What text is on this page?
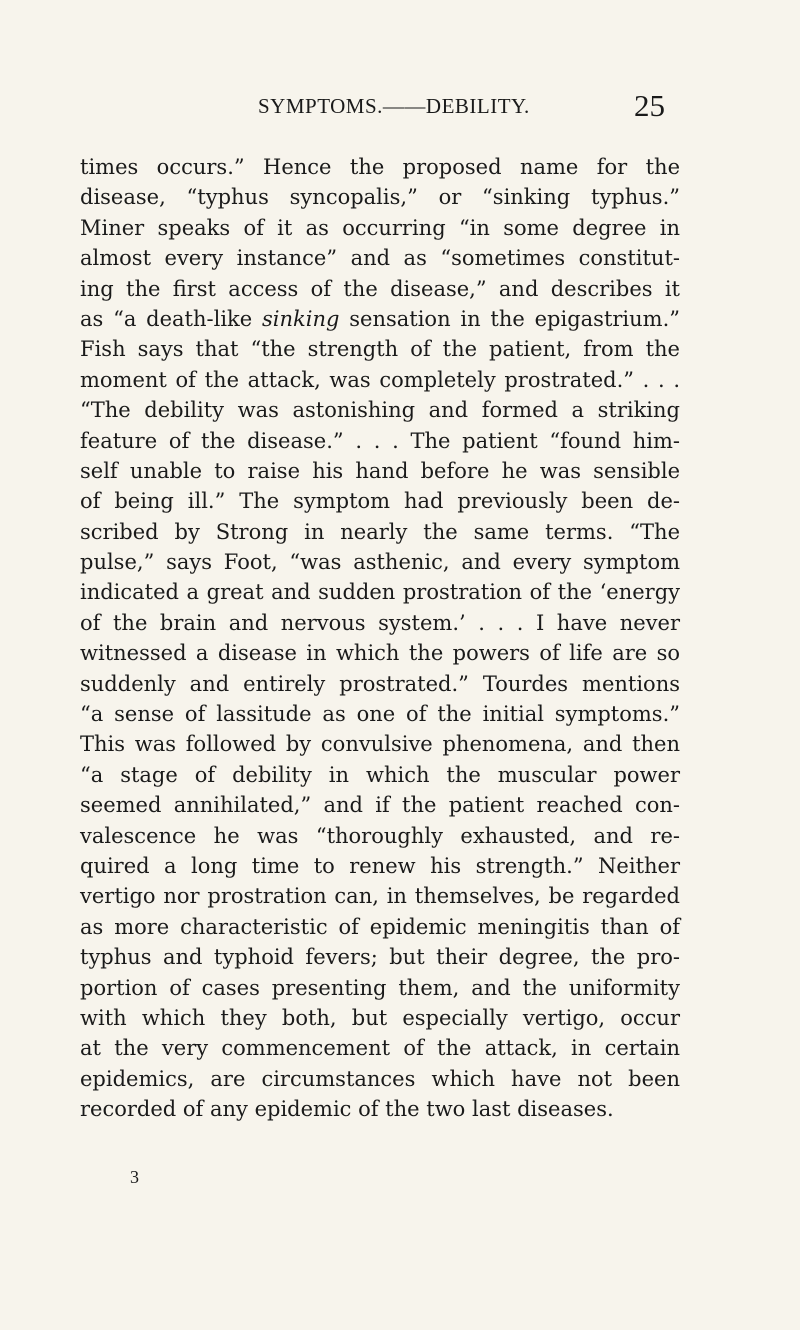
SYMPTOMS.——DEBILITY.	25
times occurs.” Hence the proposed name for the
disease, “typhus syncopalis,” or “sinking typhus.”
Miner speaks of it as occurring “in some degree in
almost every instance” and as “sometimes constitut-
ing the first access of the disease,” and describes it
as “a death-like sinking sensation in the epigastrium.”
Fish says that “the strength of the patient, from the
moment of the attack, was completely prostrated.” . . .
“The debility was astonishing and formed a striking
feature of the disease.” . . . The patient “found him-
self unable to raise his hand before he was sensible
of being ill.” The symptom had previously been de-
scribed by Strong in nearly the same terms. “The
pulse,” says Foot, “was asthenic, and every symptom
indicated a great and sudden prostration of the ‘energy
of the brain and nervous system.’ . . . I have never
witnessed a disease in which the powers of life are so
suddenly and entirely prostrated.” Tourdes mentions
“a sense of lassitude as one of the initial symptoms.”
This was followed by convulsive phenomena, and then
“a stage of debility in which the muscular power
seemed annihilated,” and if the patient reached con-
valescence he was “thoroughly exhausted, and re-
quired a long time to renew his strength.” Neither
vertigo nor prostration can, in themselves, be regarded
as more characteristic of epidemic meningitis than of
typhus and typhoid fevers; but their degree, the pro-
portion of cases presenting them, and the uniformity
with which they both, but especially vertigo, occur
at the very commencement of the attack, in certain
epidemics, are circumstances which have not been
recorded of any epidemic of the two last diseases.
3
